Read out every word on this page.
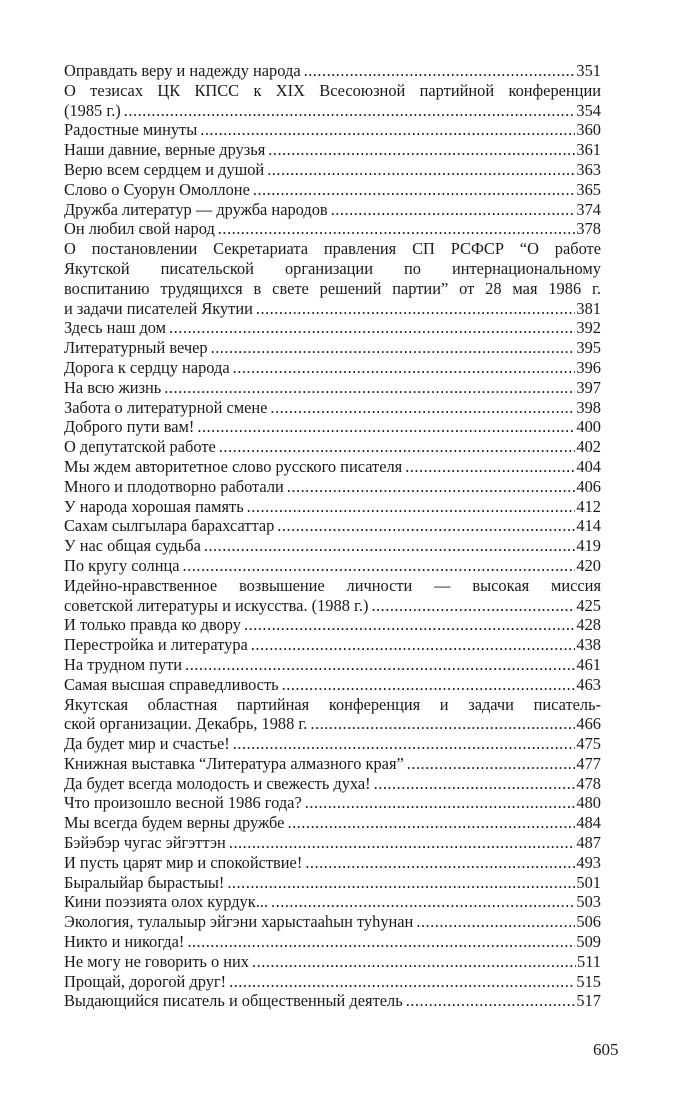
Оправдать веру и надежду народа .....	351
О тезисах ЦК КПСС к XIX Всесоюзной партийной конференции
(1985 г.) .....	354
Радостные минуты .....	360
Наши давние, верные друзья .....	361
Верю всем сердцем и душой .....	363
Слово о Суорун Омоллоне .....	365
Дружба литератур — дружба народов .....	374
Он любил свой народ .....	378
О постановлении Секретариата правления СП РСФСР “О работе
Якутской писательской организации по интернациональному
воспитанию трудящихся в свете решений партии” от 28 мая 1986 г.
и задачи писателей Якутии .....	381
Здесь наш дом .....	392
Литературный вечер .....	395
Дорога к сердцу народа .....	396
На всю жизнь .....	397
Забота о литературной смене .....	398
Доброго пути вам! .....	400
О депутатской работе .....	402
Мы ждем авторитетное слово русского писателя .....	404
Много и плодотворно работали .....	406
У народа хорошая память .....	412
Сахам сылгылара барахсаттар .....	414
У нас общая судьба .....	419
По кругу солнца .....	420
Идейно-нравственное возвышение личности — высокая миссия
советской литературы и искусства. (1988 г.) .....	425
И только правда ко двору .....	428
Перестройка и литература .....	438
На трудном пути .....	461
Самая высшая справедливость .....	463
Якутская областная партийная конференция и задачи писатель-
ской организации. Декабрь, 1988 г. .....	466
Да будет мир и счастье! .....	475
Книжная выставка “Литература алмазного края” .....	477
Да будет всегда молодость и свежесть духа! .....	478
Что произошло весной 1986 года? .....	480
Мы всегда будем верны дружбе .....	484
Бэйэбэр чугас эйгэттэн .....	487
И пусть царят мир и спокойствие! .....	493
Быралыйар бырастыы! .....	501
Кини поэзията олох курдук... .....	503
Экология, тулалыыр эйгэни харыстааһын туһунан .....	506
Никто и никогда! .....	509
Не могу не говорить о них .....	511
Прощай, дорогой друг! .....	515
Выдающийся писатель и общественный деятель .....	517
605
